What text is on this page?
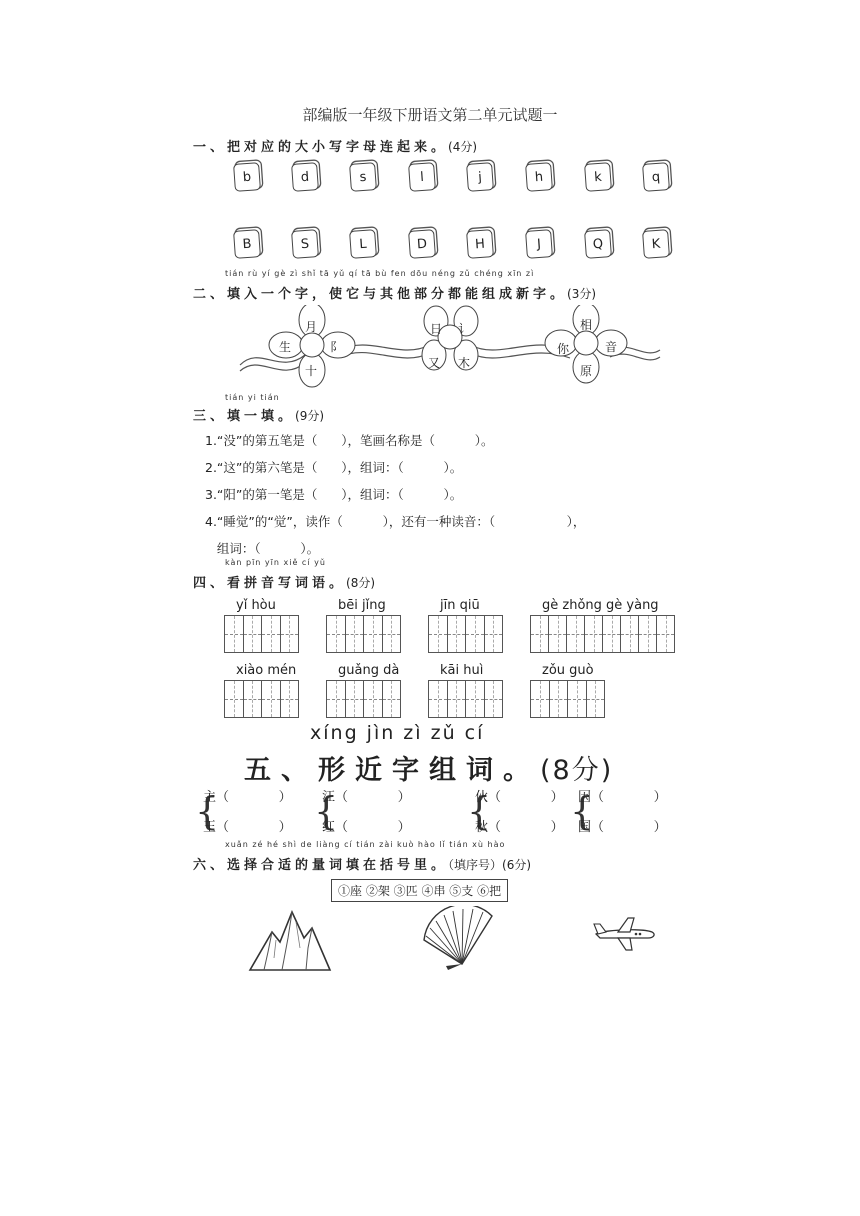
部编版一年级下册语文第二单元试题一
一、把对应的大小写字母连起来。(4分)
b	d	s	l	j	h	k	q
B	S	L	D	H	J	Q	K
tián rù yí gè zì shǐ tā yǔ qí tā bù fen dōu néng zǔ chéng xīn zì
二、填入一个字，使它与其他部分都能组成新字。(3分)
月
生	阝
十
日 讠
又 木
相
你	音
原
tián yi tián
三、填一填。(9分)
1.“没”的第五笔是（      ），笔画名称是（          ）。
2.“这”的第六笔是（      ），组词：（          ）。
3.“阳”的第一笔是（      ），组词：（          ）。
4.“睡觉”的“觉”，读作（          ），还有一种读音：（                  ），
组词：（          ）。
kàn pīn yīn xiě cí yǔ
四、看拼音写词语。(8分)
yǐ hòu	bēi jǐng	jīn qiū	gè zhǒng gè yàng
xiào mén	guǎng dà	kāi huì	zǒu guò
xíng jìn zì zǔ cí
五、形近字组词。(8分)
{
主（            ）
王（            ） {
江（            ）
红（            ） {
伙（            ）
秋（            ） {
因（            ）
国（            ）
xuǎn zé hé shì de liàng cí tián zài kuò hào lǐ tián xù hào
六、选择合适的量词填在括号里。（填序号）(6分)
①座 ②架 ③匹 ④串 ⑤支 ⑥把
